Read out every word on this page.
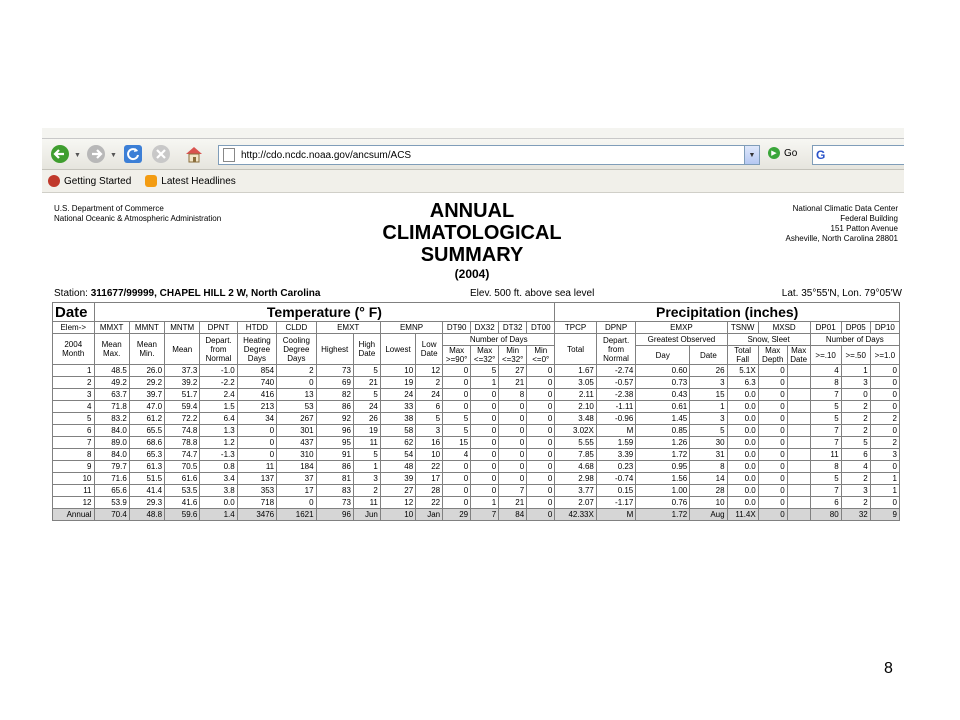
▼	▼	http://cdo.ncdc.noaa.gov/ancsum/ACS	▼	▶ Go G
Getting Started	Latest Headlines
U.S. Department of Commerce
National Oceanic & Atmospheric Administration	ANNUAL
CLIMATOLOGICAL SUMMARY
(2004)
National Climatic Data Center
Federal Building
151 Patton Avenue
Asheville, North Carolina 28801
Station: 311677/99999, CHAPEL HILL 2 W, North Carolina	Elev. 500 ft. above sea level	Lat. 35°55'N, Lon. 79°05'W
Date	Temperature (° F)														Precipitation (inches)									
Elem->	MMXT	MMNT	MNTM	DPNT	HTDD	CLDD	EMXT		EMNP		DT90	DX32	DT32	DT00	TPCP	DPNP	EMXP		TSNW	MXSD		DP01	DP05	DP10
2004 Month	Mean Max.	Mean Min.	Mean	Depart. from Normal	Heating Degree Days	Cooling Degree Days	Highest	High Date	Lowest	Low Date	Number of Days				Total	Depart. from Normal	Greatest Observed		Snow, Sleet			Number of Days		
											Max >=90°	Max <=32°	Min <=32°	Min <=0°			Day	Date	Total Fall	Max Depth	Max Date	>=.10	>=.50	>=1.0
1	48.5	26.0	37.3	-1.0	854	2	73	5	10	12	0	5	27	0	1.67	-2.74	0.60	26	5.1X	0		4	1	0
2	49.2	29.2	39.2	-2.2	740	0	69	21	19	2	0	1	21	0	3.05	-0.57	0.73	3	6.3	0		8	3	0
3	63.7	39.7	51.7	2.4	416	13	82	5	24	24	0	0	8	0	2.11	-2.38	0.43	15	0.0	0		7	0	0
4	71.8	47.0	59.4	1.5	213	53	86	24	33	6	0	0	0	0	2.10	-1.11	0.61	1	0.0	0		5	2	0
5	83.2	61.2	72.2	6.4	34	267	92	26	38	5	5	0	0	0	3.48	-0.96	1.45	3	0.0	0		5	2	2
6	84.0	65.5	74.8	1.3	0	301	96	19	58	3	5	0	0	0	3.02X	M	0.85	5	0.0	0		7	2	0
7	89.0	68.6	78.8	1.2	0	437	95	11	62	16	15	0	0	0	5.55	1.59	1.26	30	0.0	0		7	5	2
8	84.0	65.3	74.7	-1.3	0	310	91	5	54	10	4	0	0	0	7.85	3.39	1.72	31	0.0	0		11	6	3
9	79.7	61.3	70.5	0.8	11	184	86	1	48	22	0	0	0	0	4.68	0.23	0.95	8	0.0	0		8	4	0
10	71.6	51.5	61.6	3.4	137	37	81	3	39	17	0	0	0	0	2.98	-0.74	1.56	14	0.0	0		5	2	1
11	65.6	41.4	53.5	3.8	353	17	83	2	27	28	0	0	7	0	3.77	0.15	1.00	28	0.0	0		7	3	1
12	53.9	29.3	41.6	0.0	718	0	73	11	12	22	0	1	21	0	2.07	-1.17	0.76	10	0.0	0		6	2	0
Annual	70.4	48.8	59.6	1.4	3476	1621	96	Jun	10	Jan	29	7	84	0	42.33X	M	1.72	Aug	11.4X	0		80	32	9
8
